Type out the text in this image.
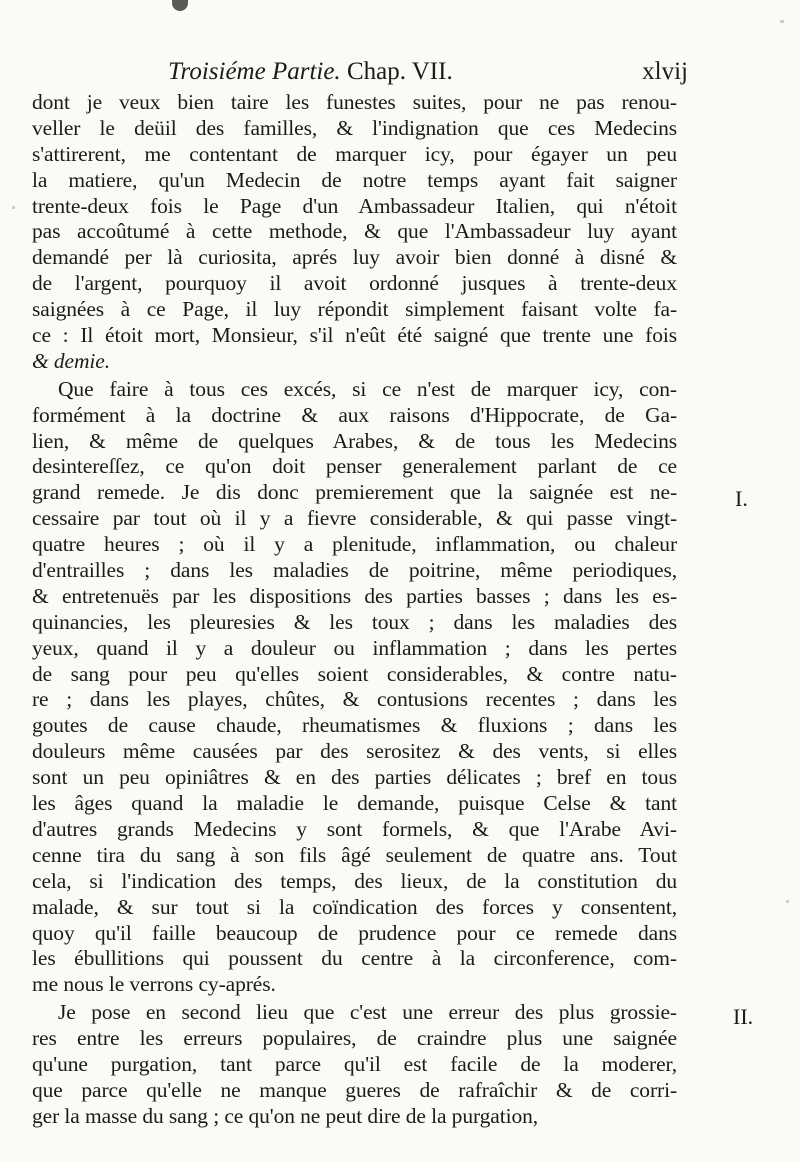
Troisiéme Partie. Chap. VII.	xlvij
dont je veux bien taire les funestes suites, pour ne pas renou-
veller le deüil des familles, & l'indignation que ces Medecins
s'attirerent, me contentant de marquer icy, pour égayer un peu
la matiere, qu'un Medecin de notre temps ayant fait saigner
trente-deux fois le Page d'un Ambassadeur Italien, qui n'étoit
pas accoûtumé à cette methode, & que l'Ambassadeur luy ayant
demandé per là curiosita, aprés luy avoir bien donné à disné &
de l'argent, pourquoy il avoit ordonné jusques à trente-deux
saignées à ce Page, il luy répondit simplement faisant volte fa-
ce : Il étoit mort, Monsieur, s'il n'eût été saigné que trente une fois
& demie.
Que faire à tous ces excés, si ce n'est de marquer icy, con-
formément à la doctrine & aux raisons d'Hippocrate, de Ga-
lien, & même de quelques Arabes, & de tous les Medecins
desintereſſez, ce qu'on doit penser generalement parlant de ce
grand remede. Je dis donc premierement que la saignée est ne-
cessaire par tout où il y a fievre considerable, & qui passe vingt-
quatre heures ; où il y a plenitude, inflammation, ou chaleur
d'entrailles ; dans les maladies de poitrine, même periodiques,
& entretenuës par les dispositions des parties basses ; dans les es-
quinancies, les pleuresies & les toux ; dans les maladies des
yeux, quand il y a douleur ou inflammation ; dans les pertes
de sang pour peu qu'elles soient considerables, & contre natu-
re ; dans les playes, chûtes, & contusions recentes ; dans les
goutes de cause chaude, rheumatismes & fluxions ; dans les
douleurs même causées par des serositez & des vents, si elles
sont un peu opiniâtres & en des parties délicates ; bref en tous
les âges quand la maladie le demande, puisque Celse & tant
d'autres grands Medecins y sont formels, & que l'Arabe Avi-
cenne tira du sang à son fils âgé seulement de quatre ans. Tout
cela, si l'indication des temps, des lieux, de la constitution du
malade, & sur tout si la coïndication des forces y consentent,
quoy qu'il faille beaucoup de prudence pour ce remede dans
les ébullitions qui poussent du centre à la circonference, com-
me nous le verrons cy-aprés.
Je pose en second lieu que c'est une erreur des plus grossie-
res entre les erreurs populaires, de craindre plus une saignée
qu'une purgation, tant parce qu'il est facile de la moderer,
que parce qu'elle ne manque gueres de rafraîchir & de corri-
ger la masse du sang ; ce qu'on ne peut dire de la purgation,
I.
II.
